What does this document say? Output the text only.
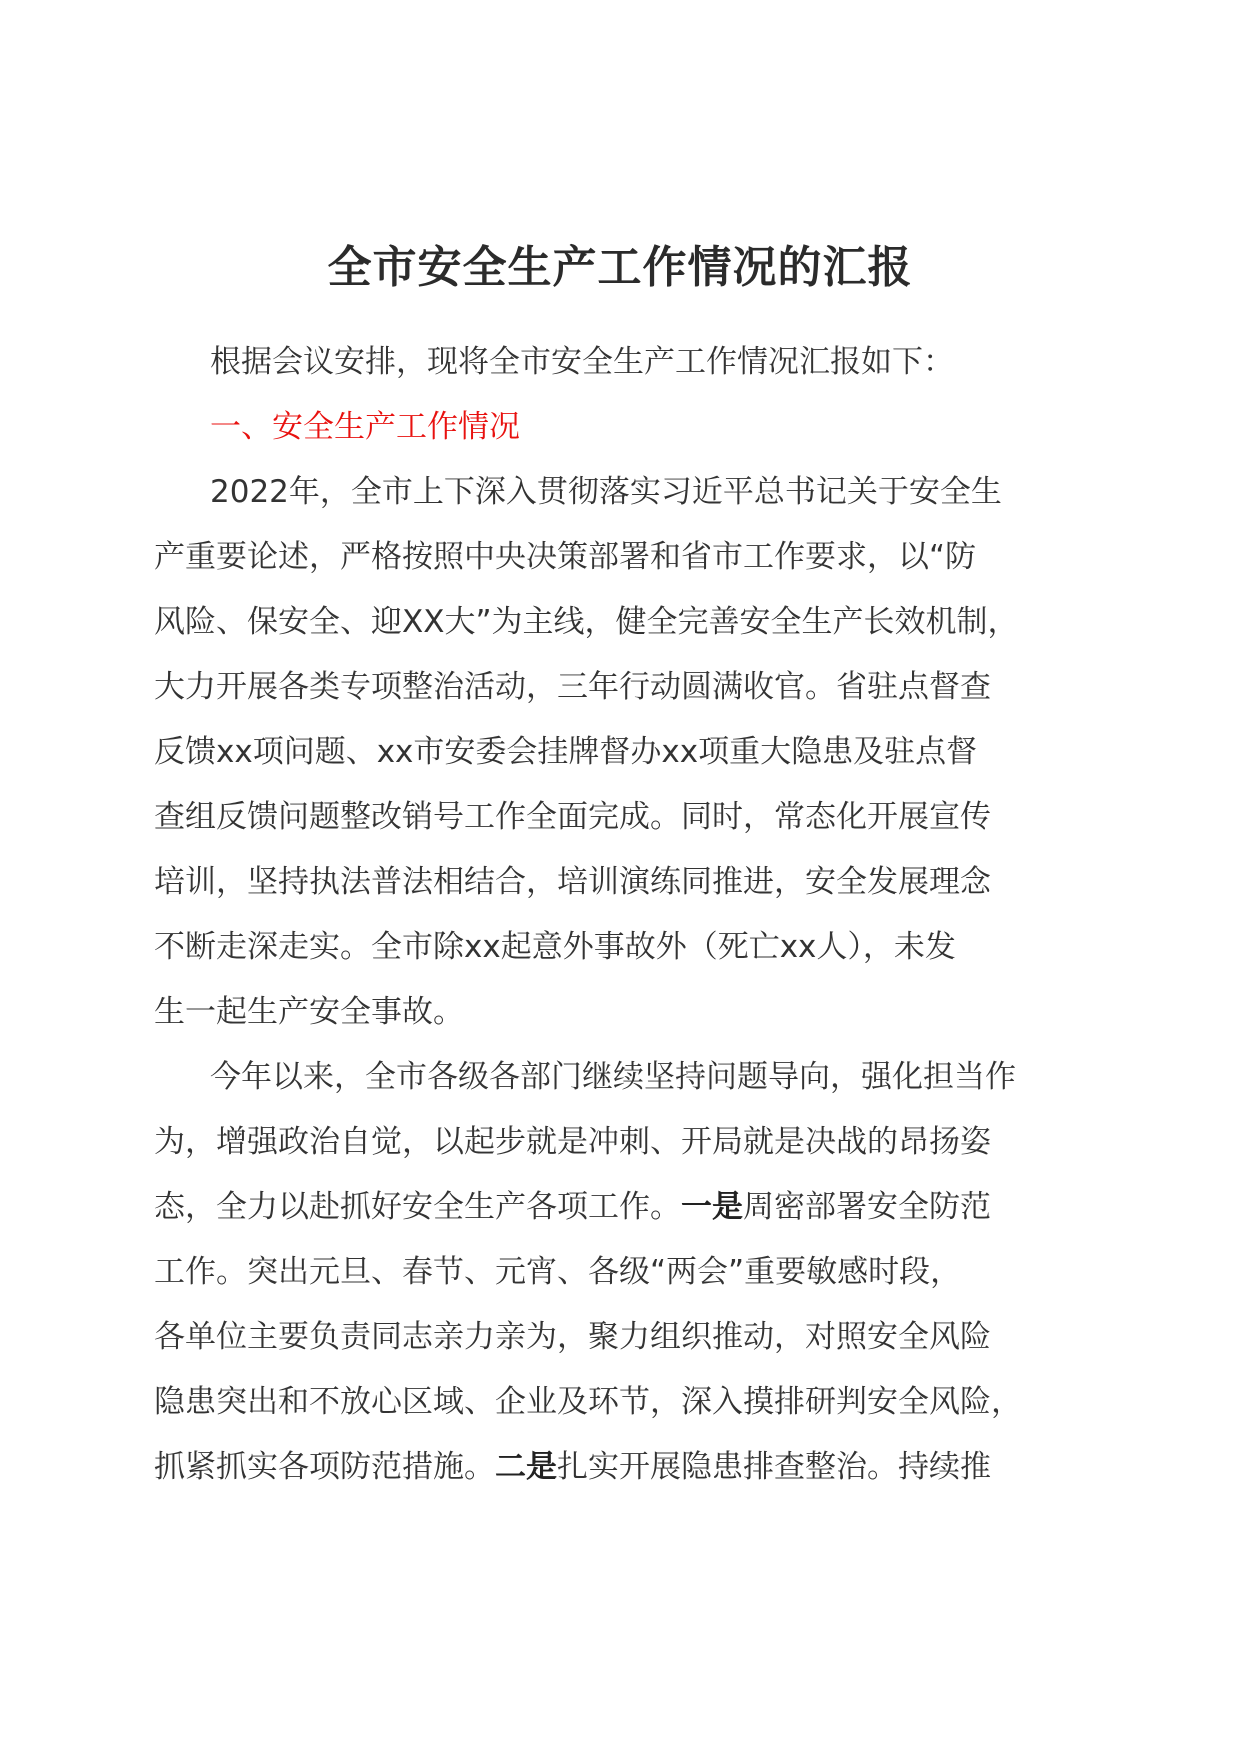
全市安全生产工作情况的汇报
根据会议安排，现将全市安全生产工作情况汇报如下：
一、安全生产工作情况
2022年，全市上下深入贯彻落实习近平总书记关于安全生
产重要论述，严格按照中央决策部署和省市工作要求，以“防
风险、保安全、迎XX大”为主线，健全完善安全生产长效机制，
大力开展各类专项整治活动，三年行动圆满收官。省驻点督查
反馈xx项问题、xx市安委会挂牌督办xx项重大隐患及驻点督
查组反馈问题整改销号工作全面完成。同时，常态化开展宣传
培训，坚持执法普法相结合，培训演练同推进，安全发展理念
不断走深走实。全市除xx起意外事故外（死亡xx人），未发
生一起生产安全事故。
今年以来，全市各级各部门继续坚持问题导向，强化担当作
为，增强政治自觉，以起步就是冲刺、开局就是决战的昂扬姿
态，全力以赴抓好安全生产各项工作。一是周密部署安全防范
工作。突出元旦、春节、元宵、各级“两会”重要敏感时段，
各单位主要负责同志亲力亲为，聚力组织推动，对照安全风险
隐患突出和不放心区域、企业及环节，深入摸排研判安全风险，
抓紧抓实各项防范措施。二是扎实开展隐患排查整治。持续推
